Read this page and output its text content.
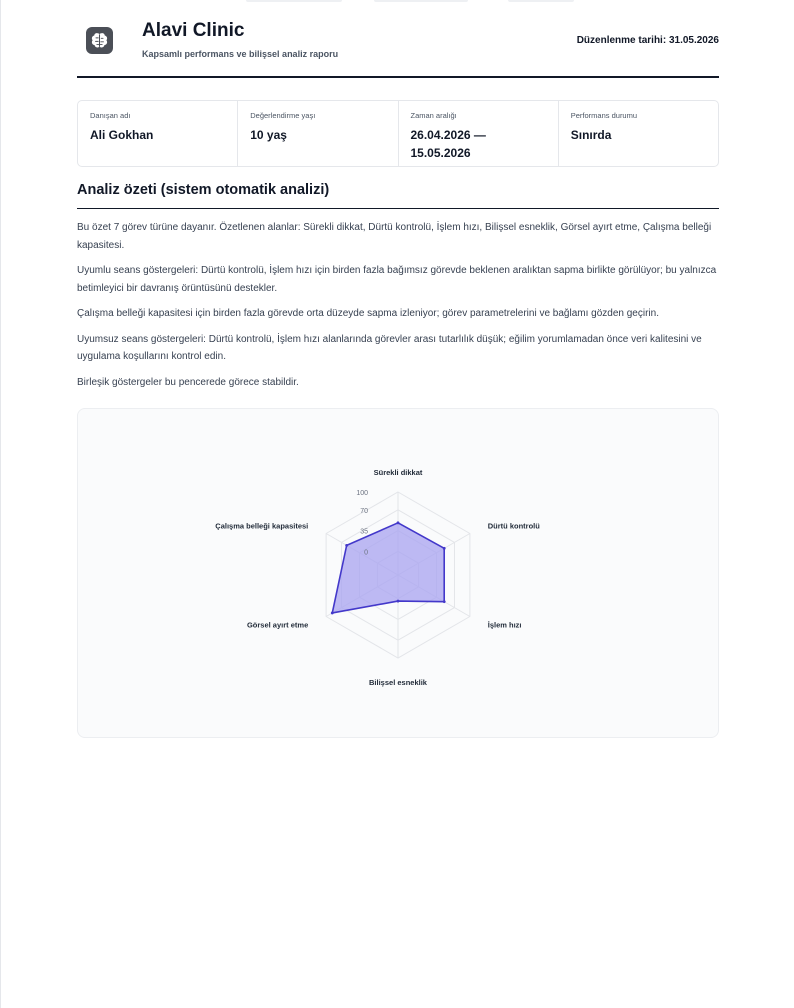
Alavi Clinic
Kapsamlı performans ve bilişsel analiz raporu
Düzenlenme tarihi: 31.05.2026
Danışan adı
Ali Gokhan
Değerlendirme yaşı
10 yaş
Zaman aralığı
26.04.2026 — 15.05.2026
Performans durumu
Sınırda
Analiz özeti (sistem otomatik analizi)

Bu özet 7 görev türüne dayanır. Özetlenen alanlar: Sürekli dikkat, Dürtü kontrolü, İşlem hızı, Bilişsel esneklik, Görsel ayırt etme, Çalışma belleği kapasitesi.

Uyumlu seans göstergeleri: Dürtü kontrolü, İşlem hızı için birden fazla bağımsız görevde beklenen aralıktan sapma birlikte görülüyor; bu yalnızca betimleyici bir davranış örüntüsünü destekler.

Çalışma belleği kapasitesi için birden fazla görevde orta düzeyde sapma izleniyor; görev parametrelerini ve bağlamı gözden geçirin.

Uyumsuz seans göstergeleri: Dürtü kontrolü, İşlem hızı alanlarında görevler arası tutarlılık düşük; eğilim yorumlamadan önce veri kalitesini ve uygulama koşullarını kontrol edin.

Birleşik göstergeler bu pencerede görece stabildir.

100
70
35
0
Sürekli dikkat
Dürtü kontrolü
İşlem hızı
Bilişsel esneklik
Görsel ayırt etme
Çalışma belleği kapasitesi
